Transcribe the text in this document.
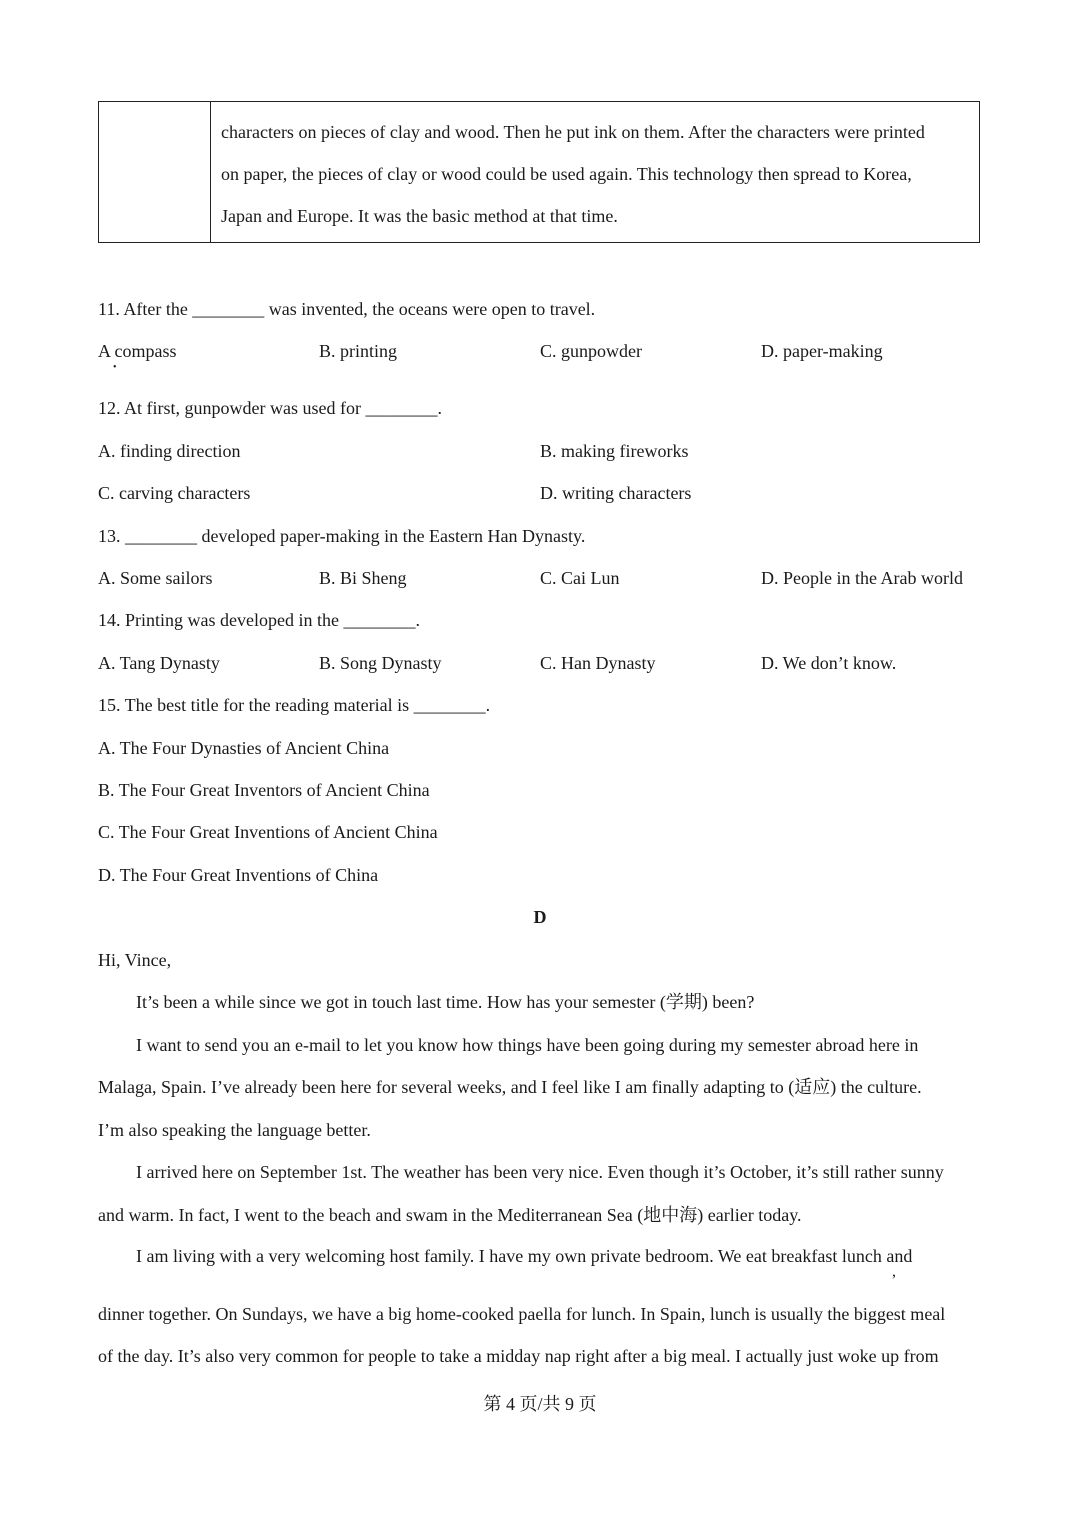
characters on pieces of clay and wood. Then he put ink on them. After the characters were printed
on paper, the pieces of clay or wood could be used again. This technology then spread to Korea,
Japan and Europe. It was the basic method at that time.
11. After the ________ was invented, the oceans were open to travel.
A compass
•
B. printing	C. gunpowder	D. paper-making
12. At first, gunpowder was used for ________.
A. finding direction	B. making fireworks
C. carving characters	D. writing characters
13. ________ developed paper-making in the Eastern Han Dynasty.
A. Some sailors	B. Bi Sheng	C. Cai Lun	D. People in the Arab world
14. Printing was developed in the ________.
A. Tang Dynasty	B. Song Dynasty	C. Han Dynasty	D. We don’t know.
15. The best title for the reading material is ________.
A. The Four Dynasties of Ancient China
B. The Four Great Inventors of Ancient China
C. The Four Great Inventions of Ancient China
D. The Four Great Inventions of China
D
Hi, Vince,
It’s been a while since we got in touch last time. How has your semester (学期) been?
I want to send you an e-mail to let you know how things have been going during my semester abroad here in
Malaga, Spain. I’ve already been here for several weeks, and I feel like I am finally adapting to (适应) the culture.
I’m also speaking the language better.
I arrived here on September 1st. The weather has been very nice. Even though it’s October, it’s still rather sunny
and warm. In fact, I went to the beach and swam in the Mediterranean Sea (地中海) earlier today.
I am living with a very welcoming host family. I have my own private bedroom. We eat breakfast lunch and
,
dinner together. On Sundays, we have a big home-cooked paella for lunch. In Spain, lunch is usually the biggest meal
of the day. It’s also very common for people to take a midday nap right after a big meal. I actually just woke up from
第 4 页/共 9 页
